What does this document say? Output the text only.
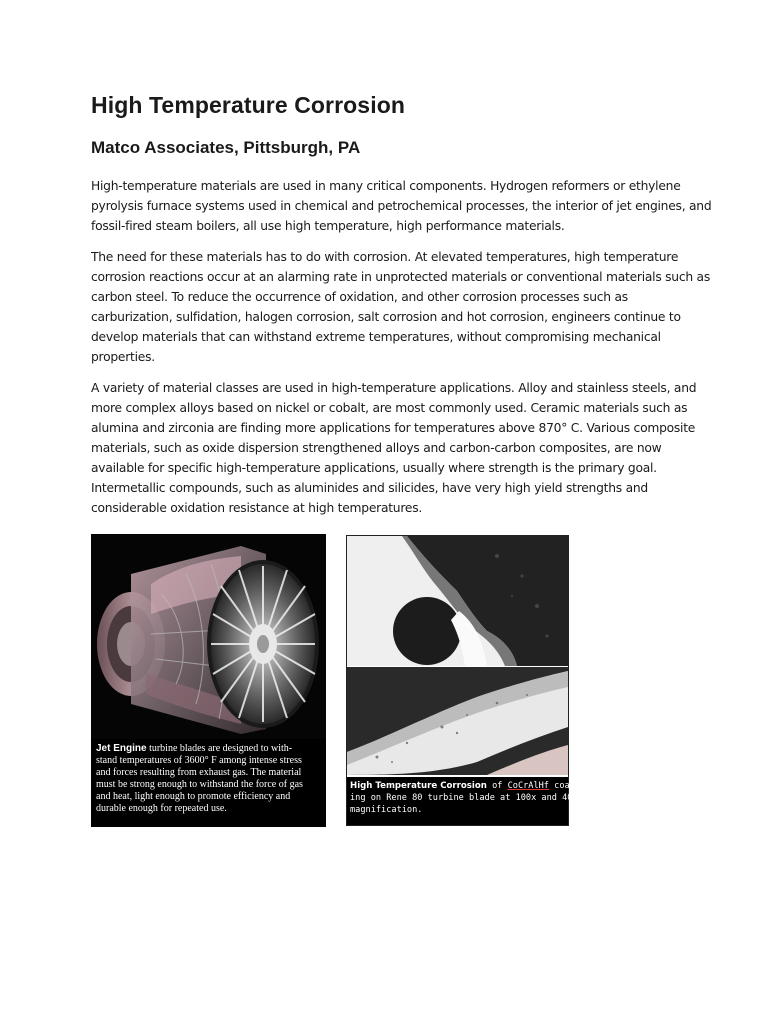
High Temperature Corrosion
Matco Associates, Pittsburgh, PA

High-temperature materials are used in many critical components. Hydrogen reformers or ethylene
pyrolysis furnace systems used in chemical and petrochemical processes, the interior of jet engines, and
fossil-fired steam boilers, all use high temperature, high performance materials.

The need for these materials has to do with corrosion. At elevated temperatures, high temperature
corrosion reactions occur at an alarming rate in unprotected materials or conventional materials such as
carbon steel. To reduce the occurrence of oxidation, and other corrosion processes such as
carburization, sulfidation, halogen corrosion, salt corrosion and hot corrosion, engineers continue to
develop materials that can withstand extreme temperatures, without compromising mechanical
properties.

A variety of material classes are used in high-temperature applications. Alloy and stainless steels, and
more complex alloys based on nickel or cobalt, are most commonly used. Ceramic materials such as
alumina and zirconia are finding more applications for temperatures above 870° C. Various composite
materials, such as oxide dispersion strengthened alloys and carbon-carbon composites, are now
available for specific high-temperature applications, usually where strength is the primary goal.
Intermetallic compounds, such as aluminides and silicides, have very high yield strengths and
considerable oxidation resistance at high temperatures.

Jet Engine turbine blades are designed to with-
stand temperatures of 3600° F among intense stress
and forces resulting from exhaust gas. The material
must be strong enough to withstand the force of gas
and heat, light enough to promote efficiency and
durable enough for repeated use.
High Temperature Corrosion of CoCrAlHf coat-
ing on Rene 80 turbine blade at 100x and 400x
magnification.
